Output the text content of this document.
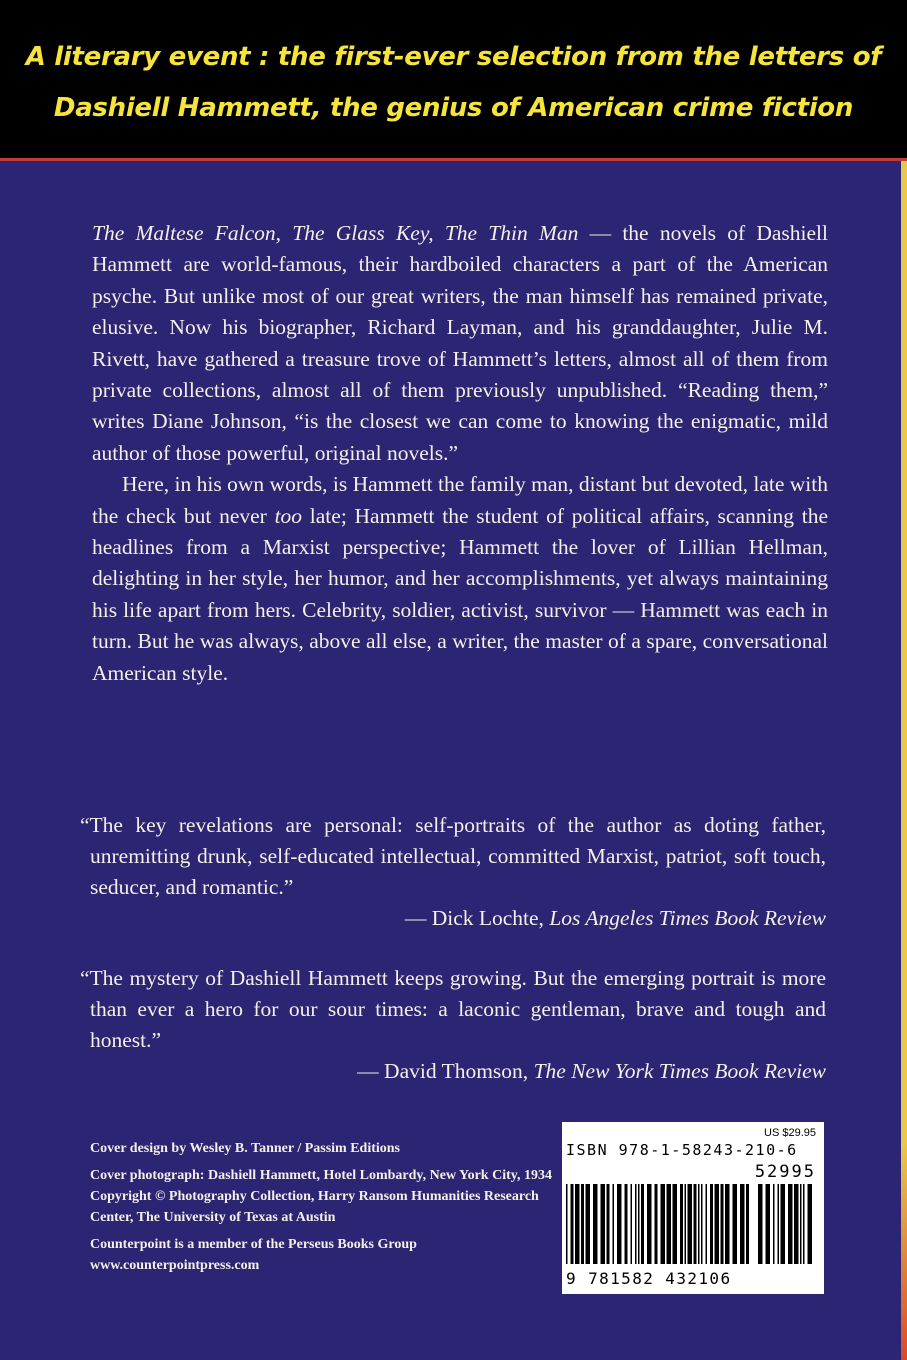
A literary event : the first-ever selection from the letters of
Dashiell Hammett, the genius of American crime fiction

The Maltese Falcon, The Glass Key, The Thin Man — the novels of Dashiell Hammett are world-famous, their hardboiled characters a part of the American psyche. But unlike most of our great writers, the man himself has remained private, elusive. Now his biographer, Richard Layman, and his granddaughter, Julie M. Rivett, have gathered a treasure trove of Hammett’s letters, almost all of them from private collections, almost all of them previously unpublished. “Reading them,” writes Diane Johnson, “is the closest we can come to knowing the enigmatic, mild author of those powerful, original novels.”

Here, in his own words, is Hammett the family man, distant but devoted, late with the check but never too late; Hammett the student of political affairs, scanning the headlines from a Marxist perspective; Hammett the lover of Lillian Hellman, delighting in her style, her humor, and her accomplishments, yet always maintaining his life apart from hers. Celebrity, soldier, activist, survivor — Hammett was each in turn. But he was always, above all else, a writer, the master of a spare, conversational American style.

“The key revelations are personal: self-portraits of the author as doting father, unremitting drunk, self-educated intellectual, committed Marxist, patriot, soft touch, seducer, and romantic.”

— Dick Lochte, Los Angeles Times Book Review

“The mystery of Dashiell Hammett keeps growing. But the emerging portrait is more than ever a hero for our sour times: a laconic gentleman, brave and tough and honest.”

— David Thomson, The New York Times Book Review

Cover design by Wesley B. Tanner / Passim Editions

Cover photograph: Dashiell Hammett, Hotel Lombardy, New York City, 1934 Copyright © Photography Collection, Harry Ransom Humanities Research Center, The University of Texas at Austin

Counterpoint is a member of the Perseus Books Group
www.counterpointpress.com

US $29.95
ISBN 978-1-58243-210-6
52995
9 781582 432106
